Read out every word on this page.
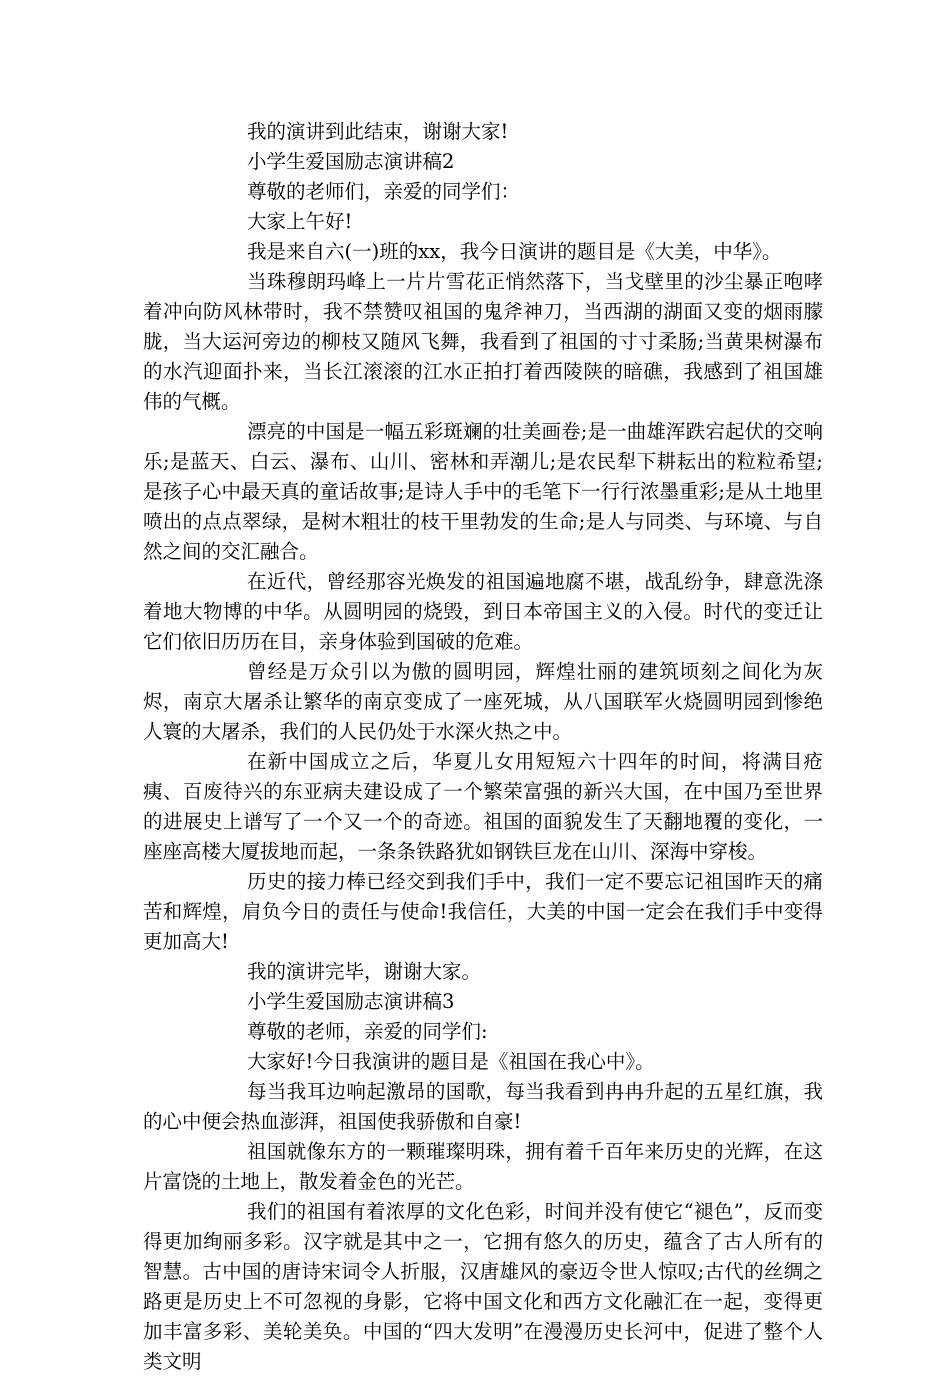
我的演讲到此结束，谢谢大家!

小学生爱国励志演讲稿2

尊敬的老师们，亲爱的同学们：

大家上午好!

我是来自六(一)班的xx，我今日演讲的题目是《大美，中华》。

当珠穆朗玛峰上一片片雪花正悄然落下，当戈壁里的沙尘暴正咆哮着冲向防风林带时，我不禁赞叹祖国的鬼斧神刀，当西湖的湖面又变的烟雨朦胧，当大运河旁边的柳枝又随风飞舞，我看到了祖国的寸寸柔肠;当黄果树瀑布的水汽迎面扑来，当长江滚滚的江水正拍打着西陵陕的暗礁，我感到了祖国雄伟的气概。

漂亮的中国是一幅五彩斑斓的壮美画卷;是一曲雄浑跌宕起伏的交响乐;是蓝天、白云、瀑布、山川、密林和弄潮儿;是农民犁下耕耘出的粒粒希望;是孩子心中最天真的童话故事;是诗人手中的毛笔下一行行浓墨重彩;是从土地里喷出的点点翠绿，是树木粗壮的枝干里勃发的生命;是人与同类、与环境、与自然之间的交汇融合。

在近代，曾经那容光焕发的祖国遍地腐不堪，战乱纷争，肆意洗涤着地大物博的中华。从圆明园的烧毁，到日本帝国主义的入侵。时代的变迁让它们依旧历历在目，亲身体验到国破的危难。

曾经是万众引以为傲的圆明园，辉煌壮丽的建筑顷刻之间化为灰烬，南京大屠杀让繁华的南京变成了一座死城，从八国联军火烧圆明园到惨绝人寰的大屠杀，我们的人民仍处于水深火热之中。

在新中国成立之后，华夏儿女用短短六十四年的时间，将满目疮痍、百废待兴的东亚病夫建设成了一个繁荣富强的新兴大国，在中国乃至世界的进展史上谱写了一个又一个的奇迹。祖国的面貌发生了天翻地覆的变化，一座座高楼大厦拔地而起，一条条铁路犹如钢铁巨龙在山川、深海中穿梭。

历史的接力棒已经交到我们手中，我们一定不要忘记祖国昨天的痛苦和辉煌，肩负今日的责任与使命!我信任，大美的中国一定会在我们手中变得更加高大!

我的演讲完毕，谢谢大家。

小学生爱国励志演讲稿3

尊敬的老师，亲爱的同学们:

大家好!今日我演讲的题目是《祖国在我心中》。

每当我耳边响起激昂的国歌，每当我看到冉冉升起的五星红旗，我的心中便会热血澎湃，祖国使我骄傲和自豪!

祖国就像东方的一颗璀璨明珠，拥有着千百年来历史的光辉，在这片富饶的土地上，散发着金色的光芒。

我们的祖国有着浓厚的文化色彩，时间并没有使它“褪色”，反而变得更加绚丽多彩。汉字就是其中之一，它拥有悠久的历史，蕴含了古人所有的智慧。古中国的唐诗宋词令人折服，汉唐雄风的豪迈令世人惊叹;古代的丝绸之路更是历史上不可忽视的身影，它将中国文化和西方文化融汇在一起，变得更加丰富多彩、美轮美奂。中国的“四大发明”在漫漫历史长河中，促进了整个人类文明
